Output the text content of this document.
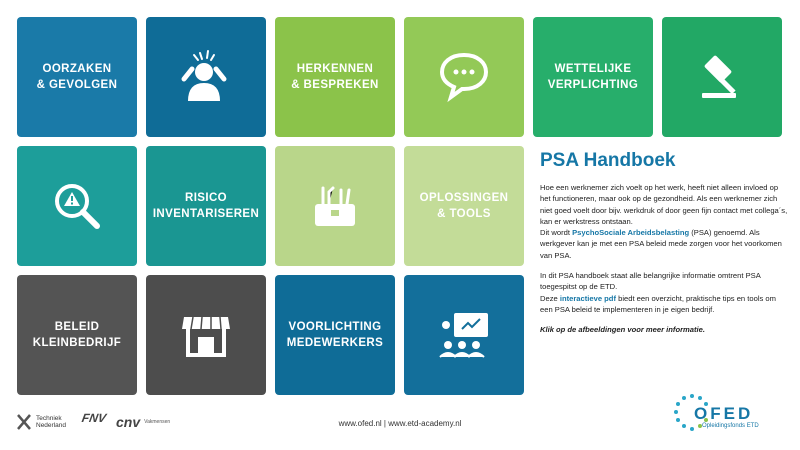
OORZAKEN
& GEVOLGEN
HERKENNEN
& BESPREKEN
WETTELIJKE
VERPLICHTING
RISICO
INVENTARISEREN
OPLOSSINGEN
& TOOLS
BELEID
KLEINBEDRIJF
VOORLICHTING
MEDEWERKERS
PSA Handboek

Hoe een werknemer zich voelt op het werk, heeft niet alleen invloed op het functioneren, maar ook op de gezondheid. Als een werknemer zich niet goed voelt door bijv. werkdruk of door geen fijn contact met collega´s, kan er werkstress ontstaan.
Dit wordt PsychoSociale Arbeidsbelasting (PSA) genoemd. Als werkgever kan je met een PSA beleid mede zorgen voor het voorkomen van PSA.

In dit PSA handboek staat alle belangrijke informatie omtrent PSA toegespitst op de ETD.
Deze interactieve pdf biedt een overzicht, praktische tips en tools om een PSA beleid te implementeren in je eigen bedrijf.

Klik op de afbeeldingen voor meer informatie.

Techniek
Nederland
FNV cnv Vakmensen	www.ofed.nl | www.etd-academy.nl
OFED
Opleidingsfonds ETD
